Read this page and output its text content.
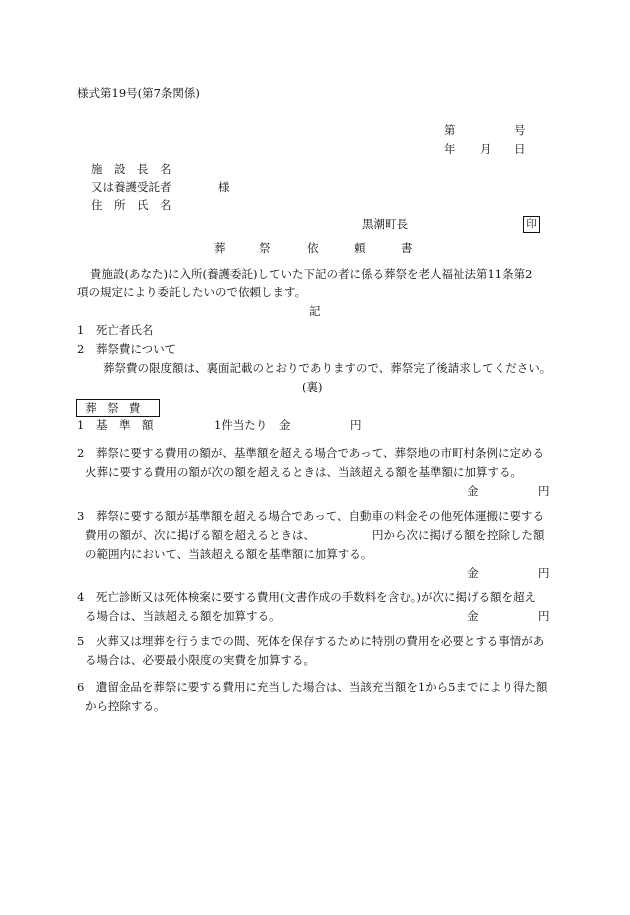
様式第19号(第7条関係)
第	号
年 月 日
施　設　長　名
又は養護受託者	様
住　所　氏　名
黒潮町長	印
葬	祭	依	頼	書
貴施設(あなた)に入所(養護委託)していた下記の者に係る葬祭を老人福祉法第11条第2
項の規定により委託したいので依頼します。
記
1　死亡者氏名
2　葬祭費について
葬祭費の限度額は、裏面記載のとおりでありますので、葬祭完了後請求してください。
(裏)
葬祭費
1 基　準　額	1件当たり 金	円
2　葬祭に要する費用の額が、基準額を超える場合であって、葬祭地の市町村条例に定める
火葬に要する費用の額が次の額を超えるときは、当該超える額を基準額に加算する。
金	円
3　葬祭に要する額が基準額を超える場合であって、自動車の料金その他死体運搬に要する
費用の額が、次に掲げる額を超えるときは、	円から次に掲げる額を控除した額
の範囲内において、当該超える額を基準額に加算する。
金	円
4　死亡診断又は死体検案に要する費用(文書作成の手数料を含む。)が次に掲げる額を超え
る場合は、当該超える額を加算する。	金	円
5　火葬又は埋葬を行うまでの間、死体を保存するために特別の費用を必要とする事情があ
る場合は、必要最小限度の実費を加算する。
6　遺留金品を葬祭に要する費用に充当した場合は、当該充当額を1から5までにより得た額
から控除する。
